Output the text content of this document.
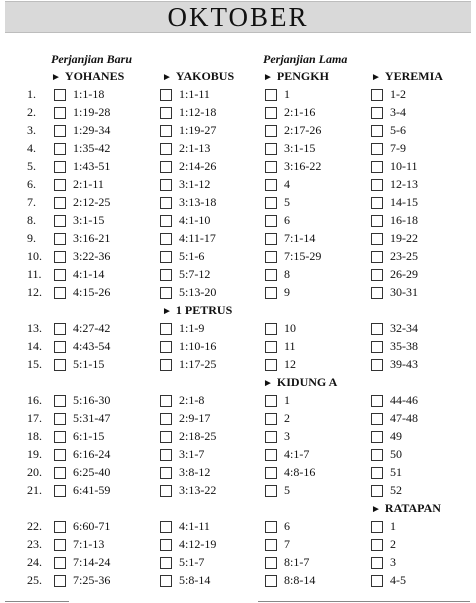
OKTOBER
Perjanjian Baru	Perjanjian Lama
► YOHANES
1:1-18
1:19-28
1:29-34
1:35-42
1:43-51
2:1-11
2:12-25
3:1-15
3:16-21
3:22-36
4:1-14
4:15-26
4:27-42
4:43-54
5:1-15
5:16-30
5:31-47
6:1-15
6:16-24
6:25-40
6:41-59
6:60-71
7:1-13
7:14-24
7:25-36
► YAKOBUS
1:1-11
1:12-18
1:19-27
2:1-13
2:14-26
3:1-12
3:13-18
4:1-10
4:11-17
5:1-6
5:7-12
5:13-20
► 1 PETRUS
1:1-9
1:10-16
1:17-25
2:1-8
2:9-17
2:18-25
3:1-7
3:8-12
3:13-22
4:1-11
4:12-19
5:1-7
5:8-14
► PENGKH
1
2:1-16
2:17-26
3:1-15
3:16-22
4
5
6
7:1-14
7:15-29
8
9
10
11
12
► KIDUNG A
1
2
3
4:1-7
4:8-16
5
6
7
8:1-7
8:8-14
► YEREMIA
1-2
3-4
5-6
7-9
10-11
12-13
14-15
16-18
19-22
23-25
26-29
30-31
32-34
35-38
39-43
44-46
47-48
49
50
51
52
► RATAPAN
1
2
3
4-5
1.
2.
3.
4.
5.
6.
7.
8.
9.
10.
11.
12.
13.
14.
15.
16.
17.
18.
19.
20.
21.
22.
23.
24.
25.
